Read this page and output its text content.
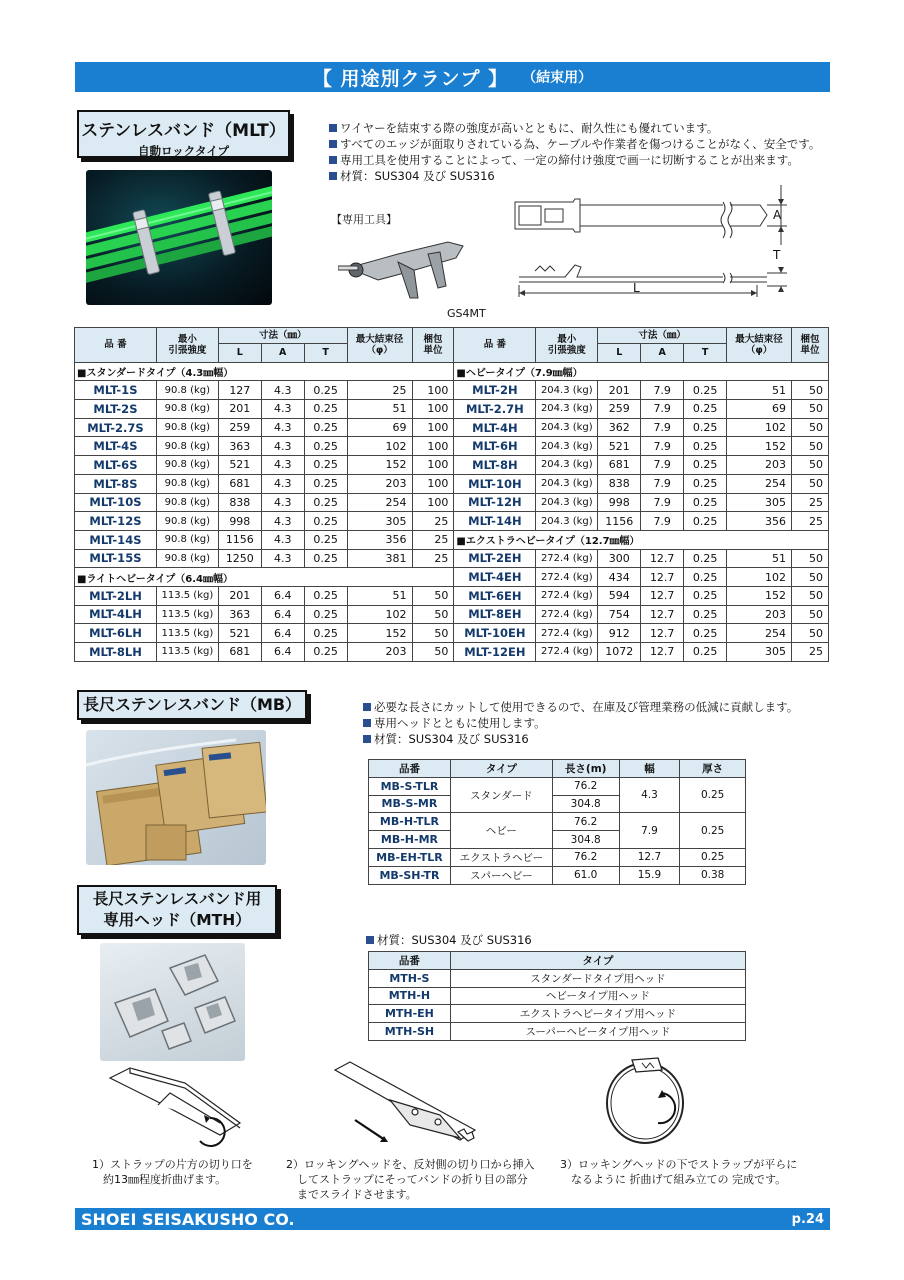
【 用途別クランプ 】 （結束用）
ステンレスバンド（MLT）
自動ロックタイプ
ワイヤーを結束する際の強度が高いとともに、耐久性にも優れています。
すべてのエッジが面取りされている為、ケーブルや作業者を傷つけることがなく、安全です。
専用工具を使用することによって、一定の締付け強度で画一に切断することが出来ます。
材質：SUS304 及び SUS316
【専用工具】
GS4MT
A
T
L
品 番	最小
引張強度	寸法（㎜）			最大結束径
（φ）	梱包
単位	品 番	最小
引張強度	寸法（㎜）			最大結束径
（φ）	梱包
単位
		L	A	T					L	A	T		
■スタンダードタイプ（4.3㎜幅）							■ヘビータイプ（7.9㎜幅）						
MLT-1S	90.8 (kg)	127	4.3	0.25	25	100	MLT-2H	204.3 (kg)	201	7.9	0.25	51	50
MLT-2S	90.8 (kg)	201	4.3	0.25	51	100	MLT-2.7H	204.3 (kg)	259	7.9	0.25	69	50
MLT-2.7S	90.8 (kg)	259	4.3	0.25	69	100	MLT-4H	204.3 (kg)	362	7.9	0.25	102	50
MLT-4S	90.8 (kg)	363	4.3	0.25	102	100	MLT-6H	204.3 (kg)	521	7.9	0.25	152	50
MLT-6S	90.8 (kg)	521	4.3	0.25	152	100	MLT-8H	204.3 (kg)	681	7.9	0.25	203	50
MLT-8S	90.8 (kg)	681	4.3	0.25	203	100	MLT-10H	204.3 (kg)	838	7.9	0.25	254	50
MLT-10S	90.8 (kg)	838	4.3	0.25	254	100	MLT-12H	204.3 (kg)	998	7.9	0.25	305	25
MLT-12S	90.8 (kg)	998	4.3	0.25	305	25	MLT-14H	204.3 (kg)	1156	7.9	0.25	356	25
MLT-14S	90.8 (kg)	1156	4.3	0.25	356	25	■エクストラヘビータイプ（12.7㎜幅）						
MLT-15S	90.8 (kg)	1250	4.3	0.25	381	25	MLT-2EH	272.4 (kg)	300	12.7	0.25	51	50
■ライトヘビータイプ（6.4㎜幅）							MLT-4EH	272.4 (kg)	434	12.7	0.25	102	50
MLT-2LH	113.5 (kg)	201	6.4	0.25	51	50	MLT-6EH	272.4 (kg)	594	12.7	0.25	152	50
MLT-4LH	113.5 (kg)	363	6.4	0.25	102	50	MLT-8EH	272.4 (kg)	754	12.7	0.25	203	50
MLT-6LH	113.5 (kg)	521	6.4	0.25	152	50	MLT-10EH	272.4 (kg)	912	12.7	0.25	254	50
MLT-8LH	113.5 (kg)	681	6.4	0.25	203	50	MLT-12EH	272.4 (kg)	1072	12.7	0.25	305	25
長尺ステンレスバンド（MB）	必要な長さにカットして使用できるので、在庫及び管理業務の低減に貢献します。
専用ヘッドとともに使用します。
材質：SUS304 及び SUS316
品番	タイプ	長さ(m)	幅	厚さ
MB-S-TLR	スタンダード	76.2	4.3	0.25
MB-S-MR		304.8		
MB-H-TLR	ヘビー	76.2	7.9	0.25
MB-H-MR		304.8		
MB-EH-TLR	エクストラヘビー	76.2	12.7	0.25
MB-SH-TR	スパーヘビー	61.0	15.9	0.38
長尺ステンレスバンド用
専用ヘッド（MTH）
材質：SUS304 及び SUS316
品番	タイプ
MTH-S	スタンダードタイプ用ヘッド
MTH-H	ヘビータイプ用ヘッド
MTH-EH	エクストラヘビータイプ用ヘッド
MTH-SH	スーパーヘビータイプ用ヘッド
1）ストラップの片方の切り口を
　約13㎜程度折曲げます。
2）ロッキングヘッドを、反対側の切り口から挿入
　してストラップにそってバンドの折り目の部分
　までスライドさせます。
3）ロッキングヘッドの下でストラップが平らに
　なるように 折曲げて組み立ての 完成です。
SHOEI SEISAKUSHO CO.	p.24
